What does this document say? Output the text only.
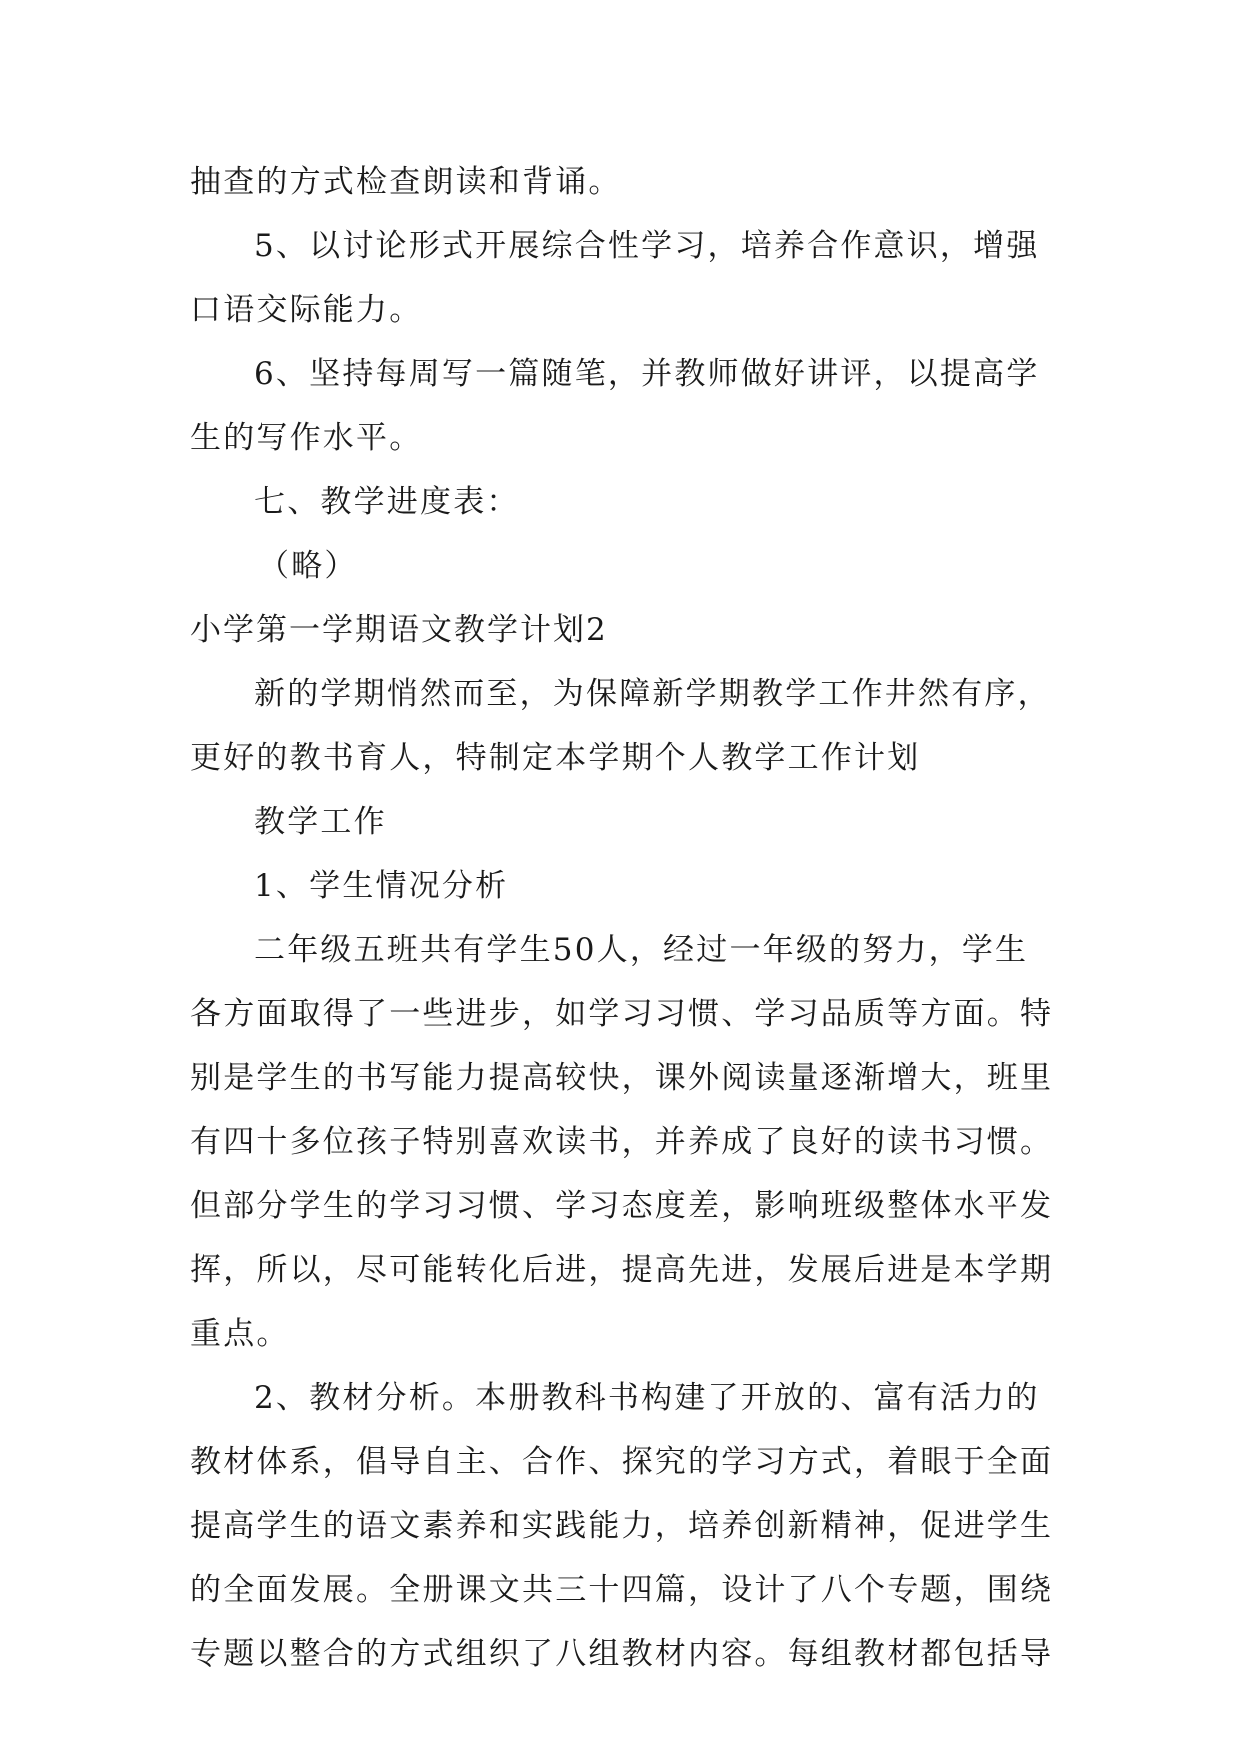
抽查的方式检查朗读和背诵。
5、以讨论形式开展综合性学习，培养合作意识，增强
口语交际能力。
6、坚持每周写一篇随笔，并教师做好讲评，以提高学
生的写作水平。
七、教学进度表：
（略）
小学第一学期语文教学计划2
新的学期悄然而至，为保障新学期教学工作井然有序，
更好的教书育人，特制定本学期个人教学工作计划
教学工作
1、学生情况分析
二年级五班共有学生50人，经过一年级的努力，学生
各方面取得了一些进步，如学习习惯、学习品质等方面。特
别是学生的书写能力提高较快，课外阅读量逐渐增大，班里
有四十多位孩子特别喜欢读书，并养成了良好的读书习惯。
但部分学生的学习习惯、学习态度差，影响班级整体水平发
挥，所以，尽可能转化后进，提高先进，发展后进是本学期
重点。
2、教材分析。本册教科书构建了开放的、富有活力的
教材体系，倡导自主、合作、探究的学习方式，着眼于全面
提高学生的语文素养和实践能力，培养创新精神，促进学生
的全面发展。全册课文共三十四篇，设计了八个专题，围绕
专题以整合的方式组织了八组教材内容。每组教材都包括导
